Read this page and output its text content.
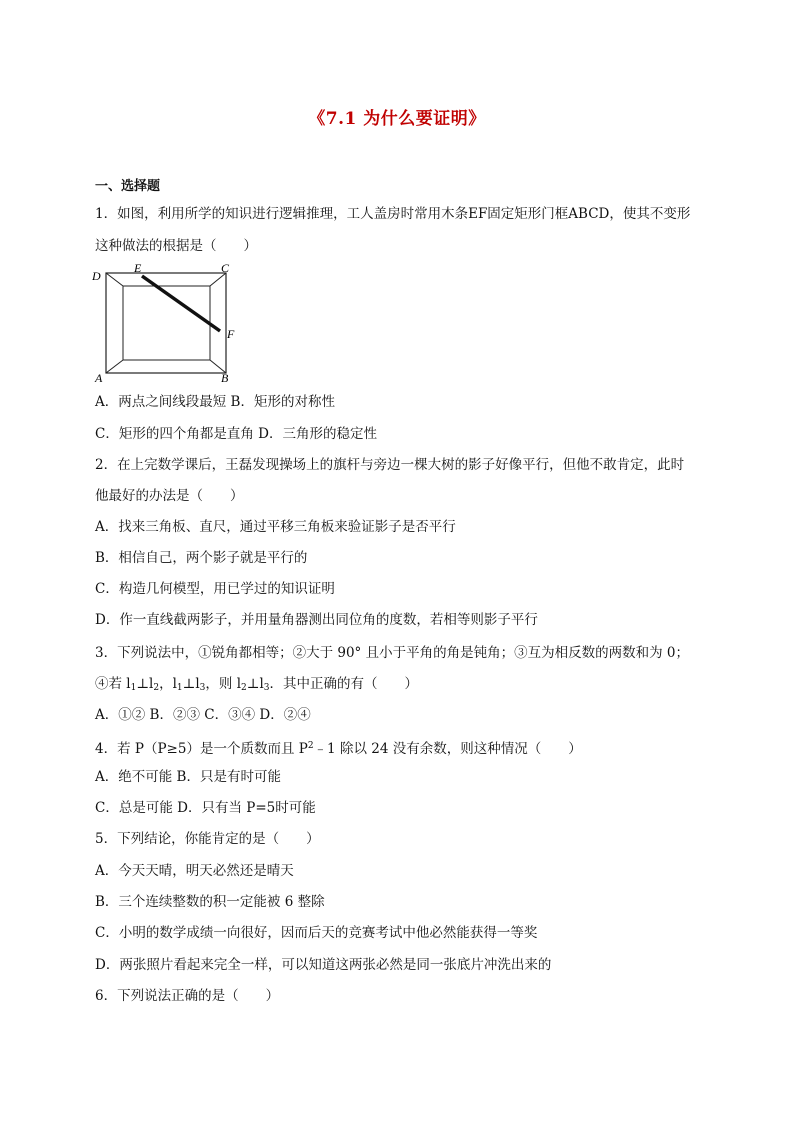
《7.1 为什么要证明》
一、选择题
1．如图，利用所学的知识进行逻辑推理，工人盖房时常用木条EF固定矩形门框ABCD，使其不变形
这种做法的根据是（　　）
D
E	C
F
A	B
A．两点之间线段最短 B．矩形的对称性
C．矩形的四个角都是直角 D．三角形的稳定性
2．在上完数学课后，王磊发现操场上的旗杆与旁边一棵大树的影子好像平行，但他不敢肯定，此时
他最好的办法是（　　）
A．找来三角板、直尺，通过平移三角板来验证影子是否平行
B．相信自己，两个影子就是平行的
C．构造几何模型，用已学过的知识证明
D．作一直线截两影子，并用量角器测出同位角的度数，若相等则影子平行
3．下列说法中，①锐角都相等；②大于 90° 且小于平角的角是钝角；③互为相反数的两数和为 0；
④若 $l_1\perp l_2$，$l_1\perp l_3$，则 $l_2\perp l_3$．其中正确的有（　　）
A．①② B．②③ C．③④ D．②④
4．若 P（P≥5）是一个质数而且 $P^2﹣1$ 除以 24 没有余数，则这种情况（　　）
A．绝不可能 B．只是有时可能
C．总是可能 D．只有当 P=5时可能
5．下列结论，你能肯定的是（　　）
A．今天天晴，明天必然还是晴天
B．三个连续整数的积一定能被 6 整除
C．小明的数学成绩一向很好，因而后天的竞赛考试中他必然能获得一等奖
D．两张照片看起来完全一样，可以知道这两张必然是同一张底片冲洗出来的
6．下列说法正确的是（　　）
